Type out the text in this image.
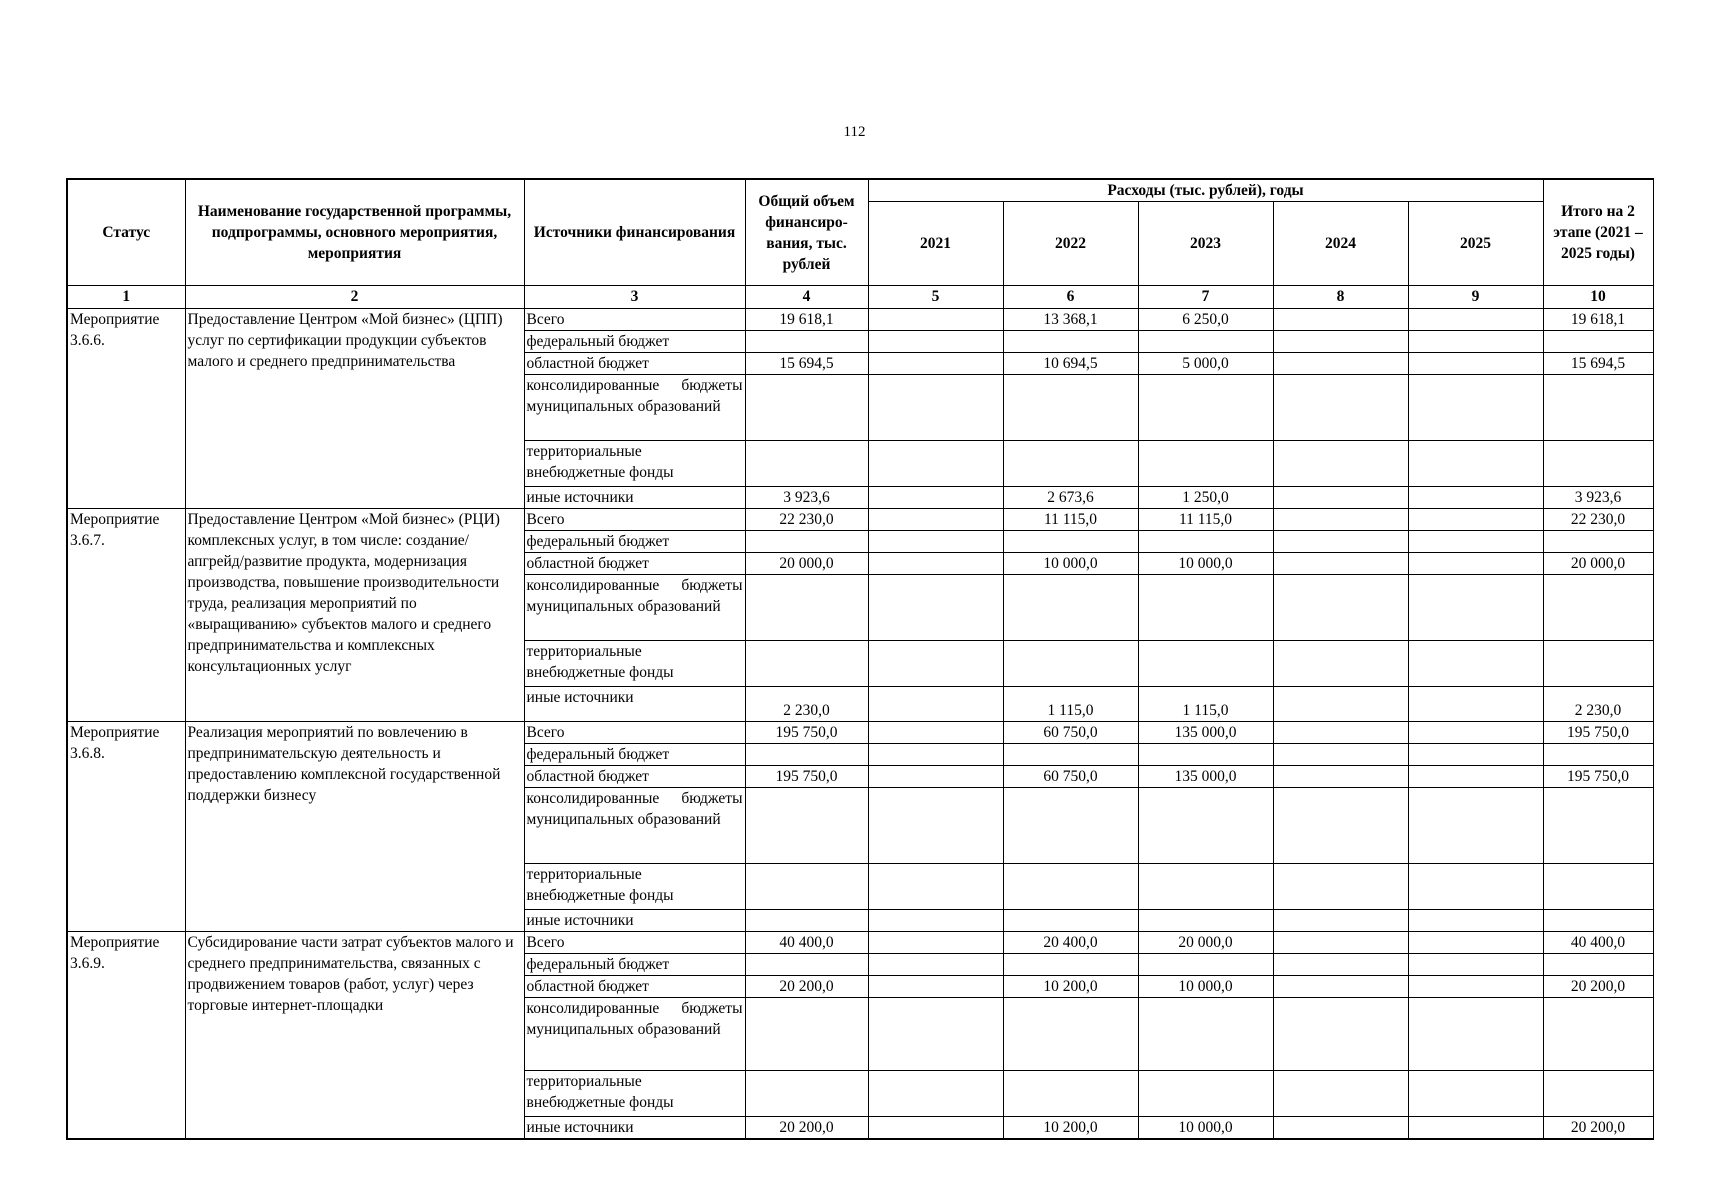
112
Статус	Наименование государственной программы, подпрограммы, основного мероприятия, мероприятия	Источники финансирования	Общий объем финансиро-вания, тыс. рублей	Расходы (тыс. рублей), годы					Итого на 2 этапе (2021 – 2025 годы)
				2021	2022	2023	2024	2025	
1	2	3	4	5	6	7	8	9	10
Мероприятие 3.6.6.	Предоставление Центром «Мой бизнес» (ЦПП) услуг по сертификации продукции субъектов малого и среднего предпринимательства	Всего	19 618,1		13 368,1	6 250,0			19 618,1
		федеральный бюджет							
		областной бюджет	15 694,5		10 694,5	5 000,0			15 694,5
		консолидированные бюджеты муниципальных образований							
		территориальные внебюджетные фонды							
		иные источники	3 923,6		2 673,6	1 250,0			3 923,6
Мероприятие 3.6.7.	Предоставление Центром «Мой бизнес» (РЦИ) комплексных услуг, в том числе: создание/апгрейд/развитие продукта, модернизация производства, повышение производительности труда, реализация мероприятий по «выращиванию» субъектов малого и среднего предпринимательства и комплексных консультационных услуг	Всего	22 230,0		11 115,0	11 115,0			22 230,0
		федеральный бюджет							
		областной бюджет	20 000,0		10 000,0	10 000,0			20 000,0
		консолидированные бюджеты муниципальных образований							
		территориальные внебюджетные фонды							
		иные источники	2 230,0		1 115,0	1 115,0			2 230,0
Мероприятие 3.6.8.	Реализация мероприятий по вовлечению в предпринимательскую деятельность и предоставлению комплексной государственной поддержки бизнесу	Всего	195 750,0		60 750,0	135 000,0			195 750,0
		федеральный бюджет							
		областной бюджет	195 750,0		60 750,0	135 000,0			195 750,0
		консолидированные бюджеты муниципальных образований							
		территориальные внебюджетные фонды							
		иные источники							
Мероприятие 3.6.9.	Субсидирование части затрат субъектов малого и среднего предпринимательства, связанных с продвижением товаров (работ, услуг) через торговые интернет-площадки	Всего	40 400,0		20 400,0	20 000,0			40 400,0
		федеральный бюджет							
		областной бюджет	20 200,0		10 200,0	10 000,0			20 200,0
		консолидированные бюджеты муниципальных образований							
		территориальные внебюджетные фонды							
		иные источники	20 200,0		10 200,0	10 000,0			20 200,0
